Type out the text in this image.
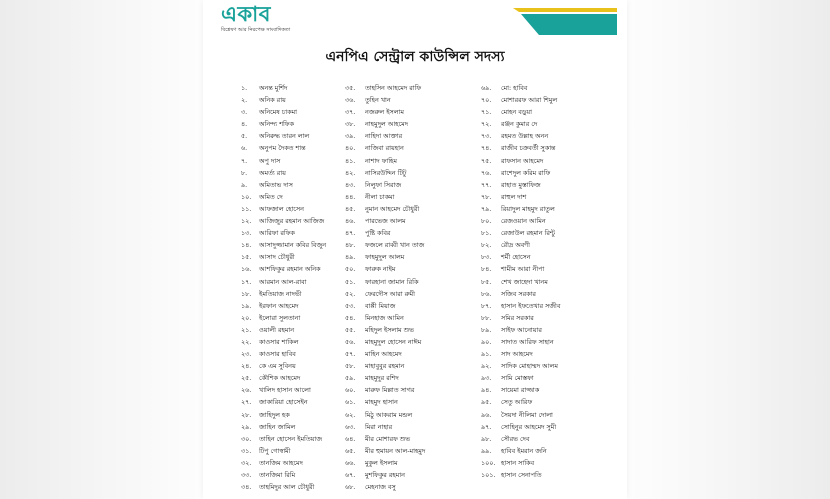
একাব
বিশ্লেষণ আর নিরপেক্ষ সাংবাদিকতা
এনপিএ সেন্ট্রাল কাউন্সিল সদস্য
১. অনন্ত মুর্শিদ
২. অনিক রায়
৩. অনিমেষ চাকমা
৪. অনিন্দ্য শফিক
৫. অনিরুদ্ধ তারন লাল
৬. অনুপম দৈকত শান্ত
৭. অপু দাস
৮. অমর্ত্য রায়
৯. অমিতাভ দাস
১০. অমিত দে
১১. আফজাল হোসেন
১২. আজিজুর রহমান আজিজ
১৩. আরিফা রফিক
১৪. আসাদুজ্জামান কবির বিজুন
১৫. আসাদ চৌধুরী
১৬. আশফিকুর রহমান অনিক
১৭. আরমান আল-রাবা
১৮. ইমতিয়াজ নাদভী
১৯. ইরফান আহমেদ
২০. ইলোরা সুলতানা
২১. ওয়ালী রহমান
২২. কাওসার শাকিল
২৩. কাওসার হাবিব
২৪. কে এম সুবিনয়
২৫. কৌশিক আহমেদ
২৬. খালিদ হাসান আলো
২৭. জাকারিয়া হোসেইন
২৮. জাহিদুল হক
২৯. জাহিন জামিল
৩০. তাহিন হোসেন ইমতিয়াজ
৩১. টিপু গোস্বামী
৩২. তানজিম আহমেদ
৩৩. তানজিমা রিমি
৩৪. তাহমিদুর আল চৌধুরী
৩৫. তাহসিন আহমেদ রাফি
৩৬. তুহিন খান
৩৭. নজরুল ইসলাম
৩৮. নাহমুদুল আহমেদ
৩৯. নাহিদা আক্তার
৪০. নাজিবা রায়হান
৪১. নাশাদ ফাহিম
৪২. নাসিরউদ্দিন টিটু
৪৩. নিলুফা সিরাজ
৪৪. নীলা চাকমা
৪৫. নুমান আহমেদ চৌধুরী
৪৬. পারভেজ আলম
৪৭. পুষ্টি কবির
৪৮. ফজলে রাব্বী খান তাজ
৪৯. ফাহমুদুল আলম
৫০. ফারুক নাইম
৫১. ফারহানা জামান রিকি
৫২. ফেরদৌস আরা রুমী
৫৩. বাপ্পী মিয়াজ
৫৪. মিনহাজ আমিন
৫৫. মহিদুল ইসলাম শুভ
৫৬. মাহমুদুল হোসেন নাঈম
৫৭. মাহিন আহমেদ
৫৮. মাহাবুবুর রহমান
৫৯. মাহমুদুর রশিদ
৬০. মারুফ মিল্লাত সাগর
৬১. মাহমুদ হাসান
৬২. মিঠু আকরাম মন্ডল
৬৩. মিরা নাহার
৬৪. মীর মোশারফ শুভ
৬৫. মীর হুমায়ন আল-মাহমুদ
৬৬. মুকুল ইসলাম
৬৭. মুশফিকুর রহমান
৬৮. মেহনাজ বসু
৬৯. মো: হাবিব
৭০. মোশাররফ আরা শিমুল
৭১. মোহন বড়ুয়া
৭২. রঞ্জন কুমার দে
৭৩. রহমত উল্লাহ অনন
৭৪. রাজীব চক্রবর্তী সুকান্ত
৭৫. রাফসান আহমেদ
৭৬. রাশেদুল করিম রাফি
৭৭. রাহাত মুস্তাফিজ
৭৮. রাহুল দাশ
৭৯. রিয়াদুল মাহমুদ রাতুল
৮০. রেজওয়ান আমিন
৮১. রেজাউল রহমান রিন্টু
৮২. রৌদ্র অবণী
৮৩. শর্মী হোসেন
৮৪. শামীম আরা নীপা
৮৫. শেখ জাহেদা খানম
৮৬. সজিব সরকার
৮৭. হাসান ইফতেখার সজীব
৮৮. সমির সরকার
৮৯. সাইফ আনোয়ার
৯০. সাদাত আরিফ সাহান
৯১. সাদ আহমেদ
৯২. সাদিক মোহাম্মদ আলম
৯৩. সামি মোস্তফা
৯৪. সায়েমা রাজ্জাক
৯৫. সেতু আরিফ
৯৬. সৈয়দা নীলিমা দোলা
৯৭. সোহিনুর আহমেদ সুমী
৯৮. সৌরভ দেব
৯৯. হাবিব ইমরান জনি
১০০. হাসান সাকিব
১০১. হাসান সেনাপতি
